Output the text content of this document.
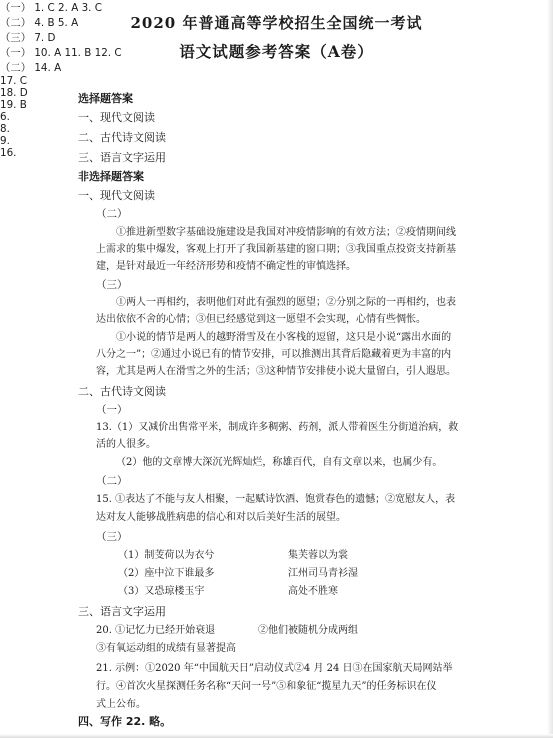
2020 年普通高等学校招生全国统一考试
语文试题参考答案（A卷）
选择题答案
一、现代文阅读
（一） 1. C 2. A 3. C
（二） 4. B 5. A
（三） 7. D
二、古代诗文阅读
（一） 10. A 11. B 12. C
（二） 14. A
三、语言文字运用
17. C
18. D
19. B
非选择题答案
一、现代文阅读
（二）
6.
①推进新型数字基础设施建设是我国对冲疫情影响的有效方法；②疫情期间线
上需求的集中爆发，客观上打开了我国新基建的窗口期；③我国重点投资支持新基
建，是针对最近一年经济形势和疫情不确定性的审慎选择。
（三）
8.
①两人一再相约，表明他们对此有强烈的愿望；②分别之际的一再相约，也表
达出依依不舍的心情；③但已经感觉到这一愿望不会实现，心情有些惆怅。
9.
①小说的情节是两人的越野滑雪及在小客栈的逗留，这只是小说“露出水面的
八分之一”；②通过小说已有的情节安排，可以推测出其背后隐藏着更为丰富的内
容，尤其是两人在滑雪之外的生活；③这种情节安排使小说大量留白，引人遐思。
二、古代诗文阅读
（一）
13.（1）又减价出售常平米，制成许多稠粥、药剂，派人带着医生分街道治病，救
活的人很多。
（2）他的文章博大深沉光辉灿烂，称雄百代，自有文章以来，也属少有。
（二）
15. ①表达了不能与友人相聚，一起赋诗饮酒、饱赏春色的遗憾；②宽慰友人，表
达对友人能够战胜病患的信心和对以后美好生活的展望。
（三）
16.
（1）制芰荷以为衣兮	集芙蓉以为裳
（2）座中泣下谁最多	江州司马青衫湿
（3）又恐琼楼玉宇	高处不胜寒
三、语言文字运用
20. ①记忆力已经开始衰退	②他们被随机分成两组
③有氧运动组的成绩有显著提高
21. 示例：①2020 年“中国航天日”启动仪式②4 月 24 日③在国家航天局网站举
行。④首次火星探测任务名称“天问一号”⑤和象征“揽星九天”的任务标识在仪
式上公布。
四、写作 22. 略。
